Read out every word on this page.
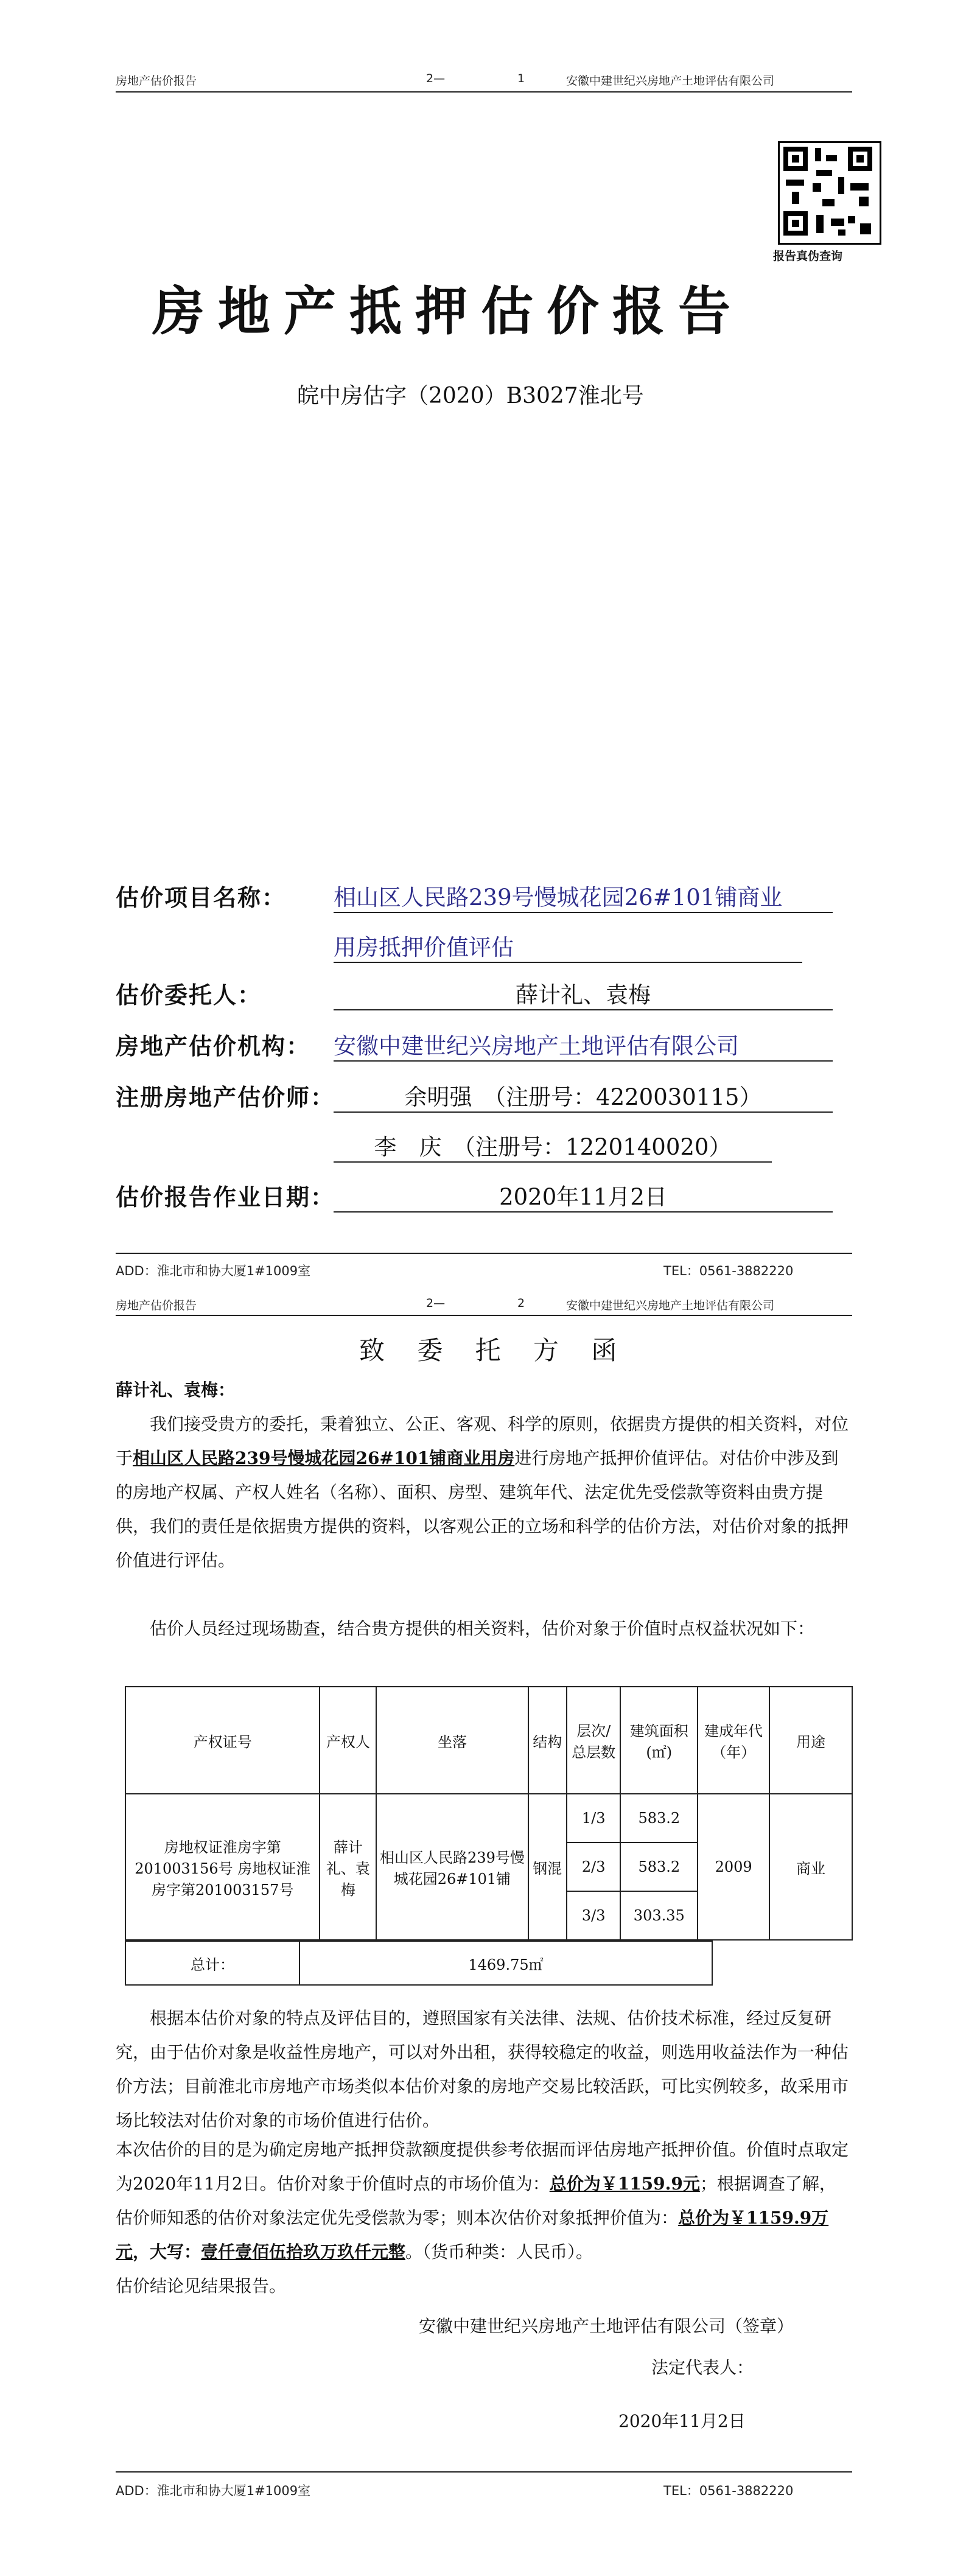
房地产估价报告	2—	1	安徽中建世纪兴房地产土地评估有限公司
报告真伪查询
房地产抵押估价报告
皖中房估字（2020）B3027淮北号
估价项目名称： 相山区人民路239号慢城花园26#101铺商业
用房抵押价值评估
估价委托人：	薛计礼、袁梅
房地产估价机构： 安徽中建世纪兴房地产土地评估有限公司
注册房地产估价师：	余明强　（注册号：4220030115）
李　庆　（注册号：1220140020）
估价报告作业日期：	2020年11月2日
ADD：淮北市和协大厦1#1009室	TEL：0561-3882220
房地产估价报告	2—	2	安徽中建世纪兴房地产土地评估有限公司
致 委 托 方 函
薛计礼、袁梅：

我们接受贵方的委托，秉着独立、公正、客观、科学的原则，依据贵方提供的相关资料，对位于相山区人民路239号慢城花园26#101铺商业用房进行房地产抵押价值评估。对估价中涉及到的房地产权属、产权人姓名（名称）、面积、房型、建筑年代、法定优先受偿款等资料由贵方提供，我们的责任是依据贵方提供的资料，以客观公正的立场和科学的估价方法，对估价对象的抵押价值进行评估。

估价人员经过现场勘查，结合贵方提供的相关资料，估价对象于价值时点权益状况如下：

产权证号	产权人	坐落	结构	层次/总层数	建筑面积(㎡)	建成年代（年）	用途
房地权证淮房字第201003156号 房地权证淮房字第201003157号	薛计礼、袁梅	相山区人民路239号慢城花园26#101铺	钢混	1/3	583.2	2009	商业
				2/3	583.2		
				3/3	303.35		
总计：	1469.75㎡

根据本估价对象的特点及评估目的，遵照国家有关法律、法规、估价技术标准，经过反复研究，由于估价对象是收益性房地产，可以对外出租，获得较稳定的收益，则选用收益法作为一种估价方法；目前淮北市房地产市场类似本估价对象的房地产交易比较活跃，可比实例较多，故采用市场比较法对估价对象的市场价值进行估价。

本次估价的目的是为确定房地产抵押贷款额度提供参考依据而评估房地产抵押价值。价值时点取定为2020年11月2日。估价对象于价值时点的市场价值为：总价为￥1159.9元；根据调查了解，估价师知悉的估价对象法定优先受偿款为零；则本次估价对象抵押价值为：总价为￥1159.9万元，大写：壹仟壹佰伍拾玖万玖仟元整。（货币种类：人民币）。

估价结论见结果报告。

安徽中建世纪兴房地产土地评估有限公司（签章）
法定代表人：
2020年11月2日
ADD：淮北市和协大厦1#1009室	TEL：0561-3882220
